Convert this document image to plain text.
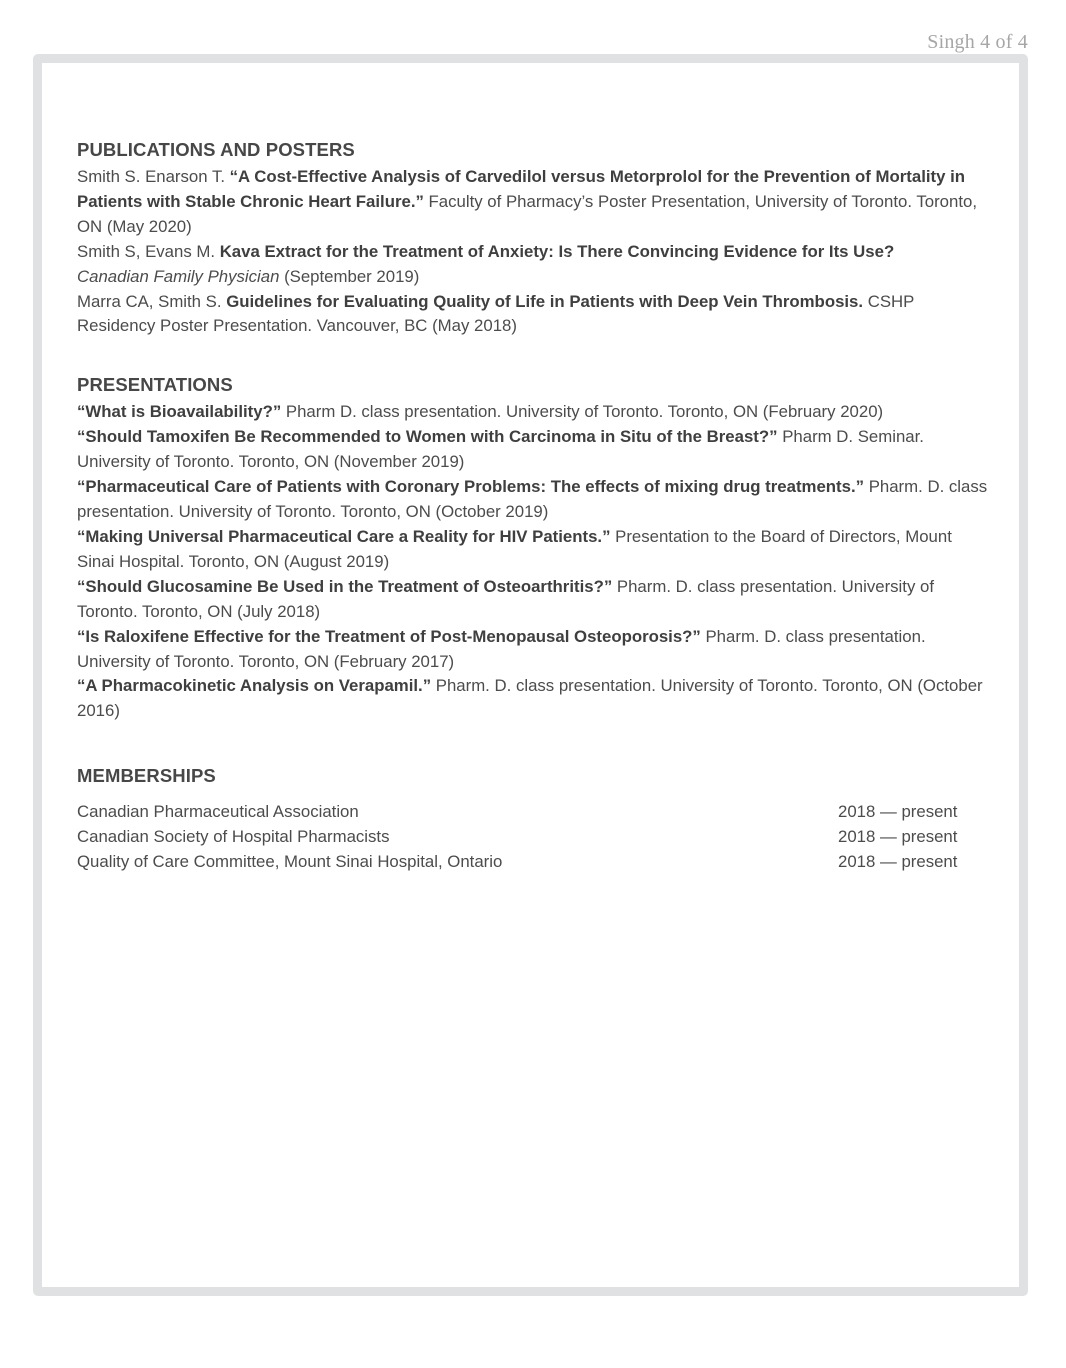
Singh 4 of 4
PUBLICATIONS AND POSTERS

Smith S. Enarson T. “A Cost-Effective Analysis of Carvedilol versus Metorprolol for the Prevention of Mortality in Patients with Stable Chronic Heart Failure.” Faculty of Pharmacy’s Poster Presentation, University of Toronto. Toronto, ON (May 2020)

Smith S, Evans M. Kava Extract for the Treatment of Anxiety: Is There Convincing Evidence for Its Use?
Canadian Family Physician (September 2019)

Marra CA, Smith S. Guidelines for Evaluating Quality of Life in Patients with Deep Vein Thrombosis. CSHP Residency Poster Presentation. Vancouver, BC (May 2018)

PRESENTATIONS

“What is Bioavailability?” Pharm D. class presentation. University of Toronto. Toronto, ON (February 2020)

“Should Tamoxifen Be Recommended to Women with Carcinoma in Situ of the Breast?” Pharm D. Seminar. University of Toronto. Toronto, ON (November 2019)

“Pharmaceutical Care of Patients with Coronary Problems: The effects of mixing drug treatments.” Pharm. D. class presentation. University of Toronto. Toronto, ON (October 2019)

“Making Universal Pharmaceutical Care a Reality for HIV Patients.” Presentation to the Board of Directors, Mount Sinai Hospital. Toronto, ON (August 2019)

“Should Glucosamine Be Used in the Treatment of Osteoarthritis?” Pharm. D. class presentation. University of Toronto. Toronto, ON (July 2018)

“Is Raloxifene Effective for the Treatment of Post-Menopausal Osteoporosis?” Pharm. D. class presentation. University of Toronto. Toronto, ON (February 2017)

“A Pharmacokinetic Analysis on Verapamil.” Pharm. D. class presentation. University of Toronto. Toronto, ON (October 2016)

MEMBERSHIPS
Canadian Pharmaceutical Association	2018 — present
Canadian Society of Hospital Pharmacists	2018 — present
Quality of Care Committee, Mount Sinai Hospital, Ontario	2018 — present
